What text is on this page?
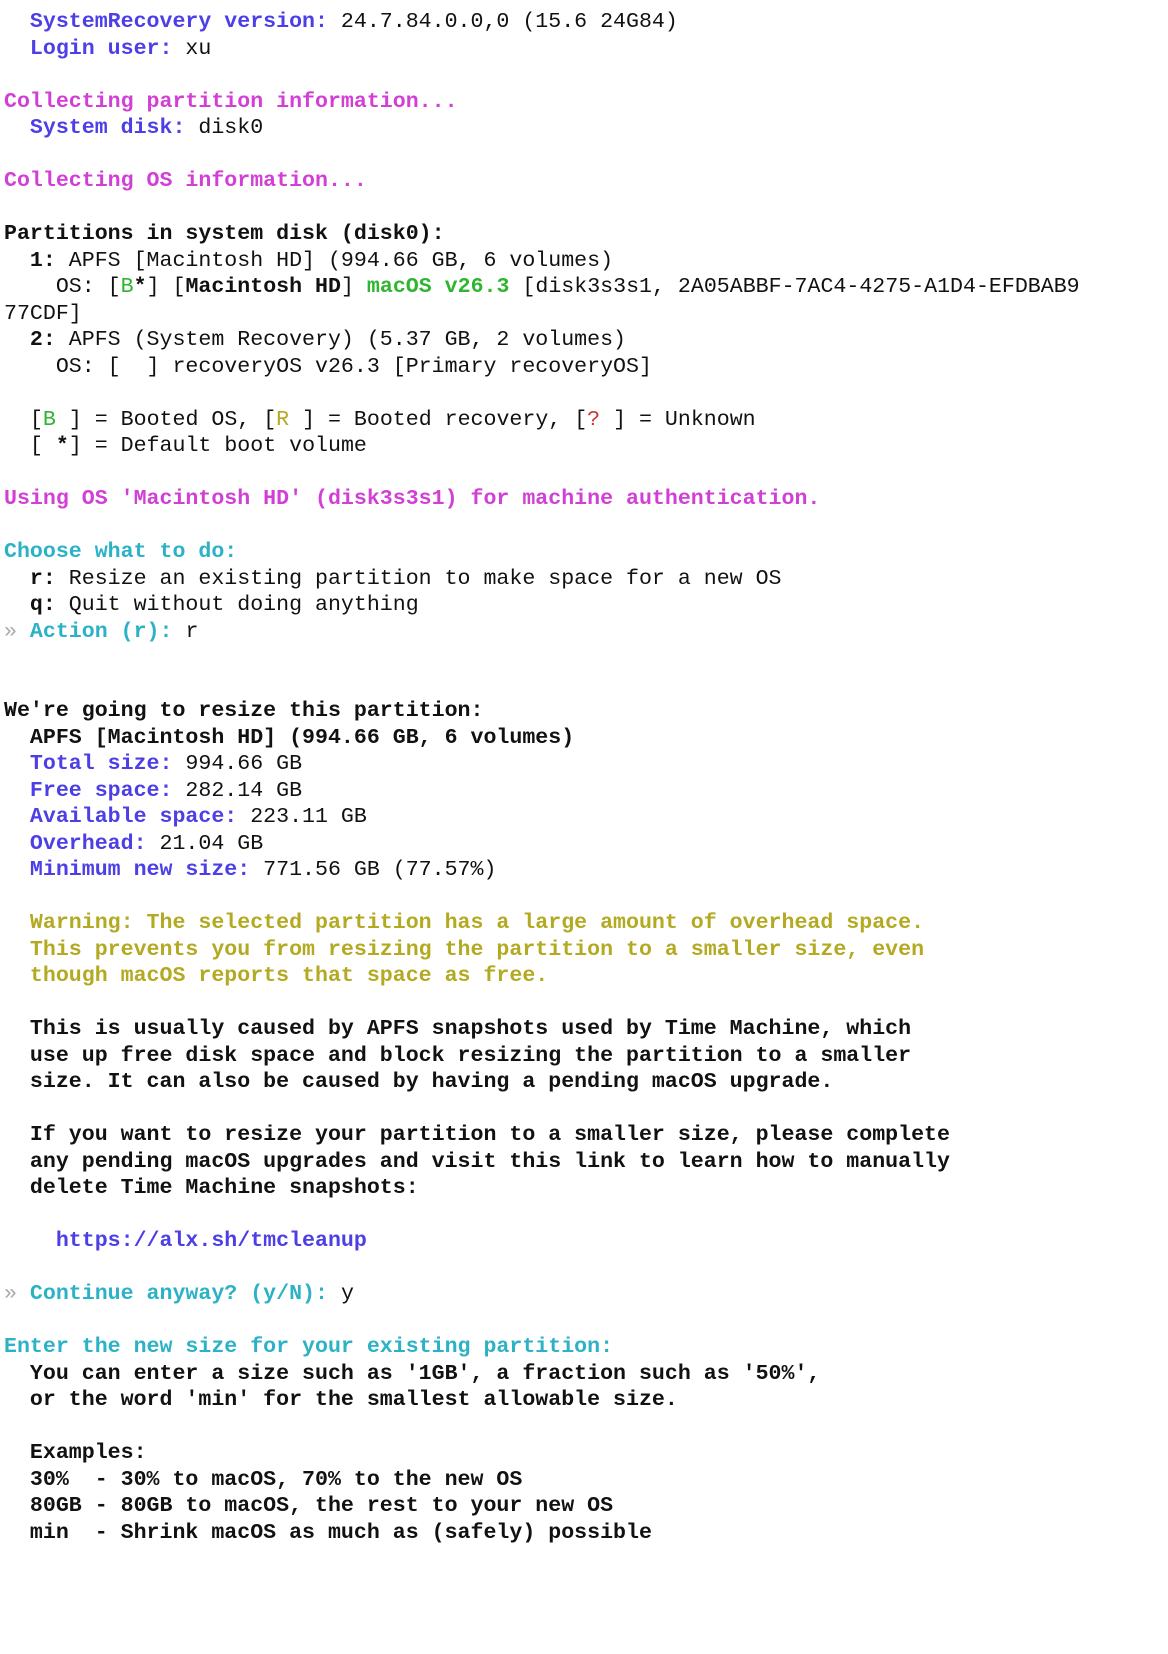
SystemRecovery version: 24.7.84.0.0,0 (15.6 24G84)
Login user: xu
Collecting partition information...
System disk: disk0
Collecting OS information...
Partitions in system disk (disk0):
1: APFS [Macintosh HD] (994.66 GB, 6 volumes)
OS: [B*] [Macintosh HD] macOS v26.3 [disk3s3s1, 2A05ABBF-7AC4-4275-A1D4-EFDBAB9
77CDF]
2: APFS (System Recovery) (5.37 GB, 2 volumes)
OS: [  ] recoveryOS v26.3 [Primary recoveryOS]
[B ] = Booted OS, [R ] = Booted recovery, [? ] = Unknown
[ *] = Default boot volume
Using OS 'Macintosh HD' (disk3s3s1) for machine authentication.
Choose what to do:
r: Resize an existing partition to make space for a new OS
q: Quit without doing anything
» Action (r): r
We're going to resize this partition:
APFS [Macintosh HD] (994.66 GB, 6 volumes)
Total size: 994.66 GB
Free space: 282.14 GB
Available space: 223.11 GB
Overhead: 21.04 GB
Minimum new size: 771.56 GB (77.57%)
Warning: The selected partition has a large amount of overhead space.
This prevents you from resizing the partition to a smaller size, even
though macOS reports that space as free.
This is usually caused by APFS snapshots used by Time Machine, which
use up free disk space and block resizing the partition to a smaller
size. It can also be caused by having a pending macOS upgrade.
If you want to resize your partition to a smaller size, please complete
any pending macOS upgrades and visit this link to learn how to manually
delete Time Machine snapshots:
https://alx.sh/tmcleanup
» Continue anyway? (y/N): y
Enter the new size for your existing partition:
You can enter a size such as '1GB', a fraction such as '50%',
or the word 'min' for the smallest allowable size.
Examples:
30%  - 30% to macOS, 70% to the new OS
80GB - 80GB to macOS, the rest to your new OS
min  - Shrink macOS as much as (safely) possible
